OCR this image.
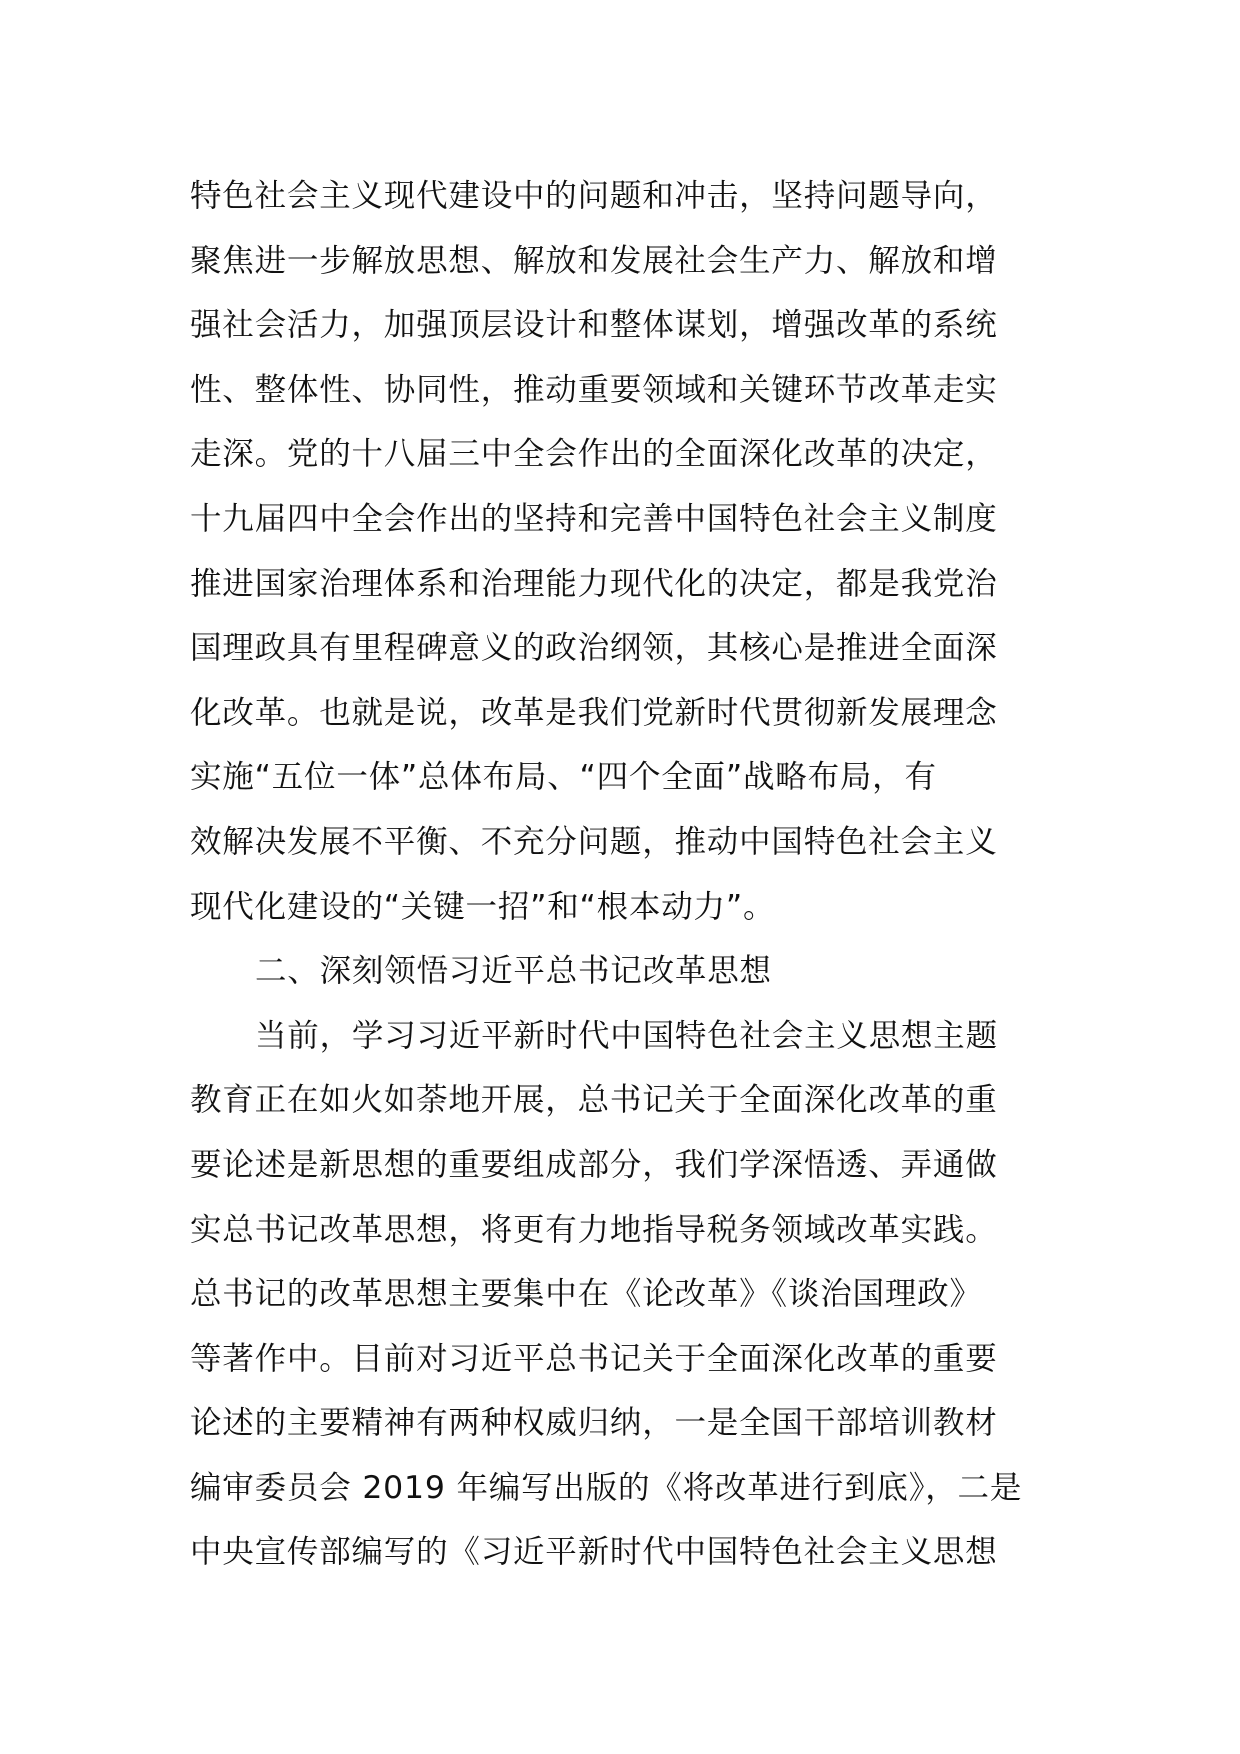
特色社会主义现代建设中的问题和冲击，坚持问题导向，
聚焦进一步解放思想、解放和发展社会生产力、解放和增
强社会活力，加强顶层设计和整体谋划，增强改革的系统
性、整体性、协同性，推动重要领域和关键环节改革走实
走深。党的十八届三中全会作出的全面深化改革的决定，
十九届四中全会作出的坚持和完善中国特色社会主义制度
推进国家治理体系和治理能力现代化的决定，都是我党治
国理政具有里程碑意义的政治纲领，其核心是推进全面深
化改革。也就是说，改革是我们党新时代贯彻新发展理念
实施“五位一体”总体布局、“四个全面”战略布局，有
效解决发展不平衡、不充分问题，推动中国特色社会主义
现代化建设的“关键一招”和“根本动力”。
二、深刻领悟习近平总书记改革思想
当前，学习习近平新时代中国特色社会主义思想主题
教育正在如火如荼地开展，总书记关于全面深化改革的重
要论述是新思想的重要组成部分，我们学深悟透、弄通做
实总书记改革思想，将更有力地指导税务领域改革实践。
总书记的改革思想主要集中在《论改革》《谈治国理政》
等著作中。目前对习近平总书记关于全面深化改革的重要
论述的主要精神有两种权威归纳，一是全国干部培训教材
编审委员会 2019 年编写出版的《将改革进行到底》，二是
中央宣传部编写的《习近平新时代中国特色社会主义思想
